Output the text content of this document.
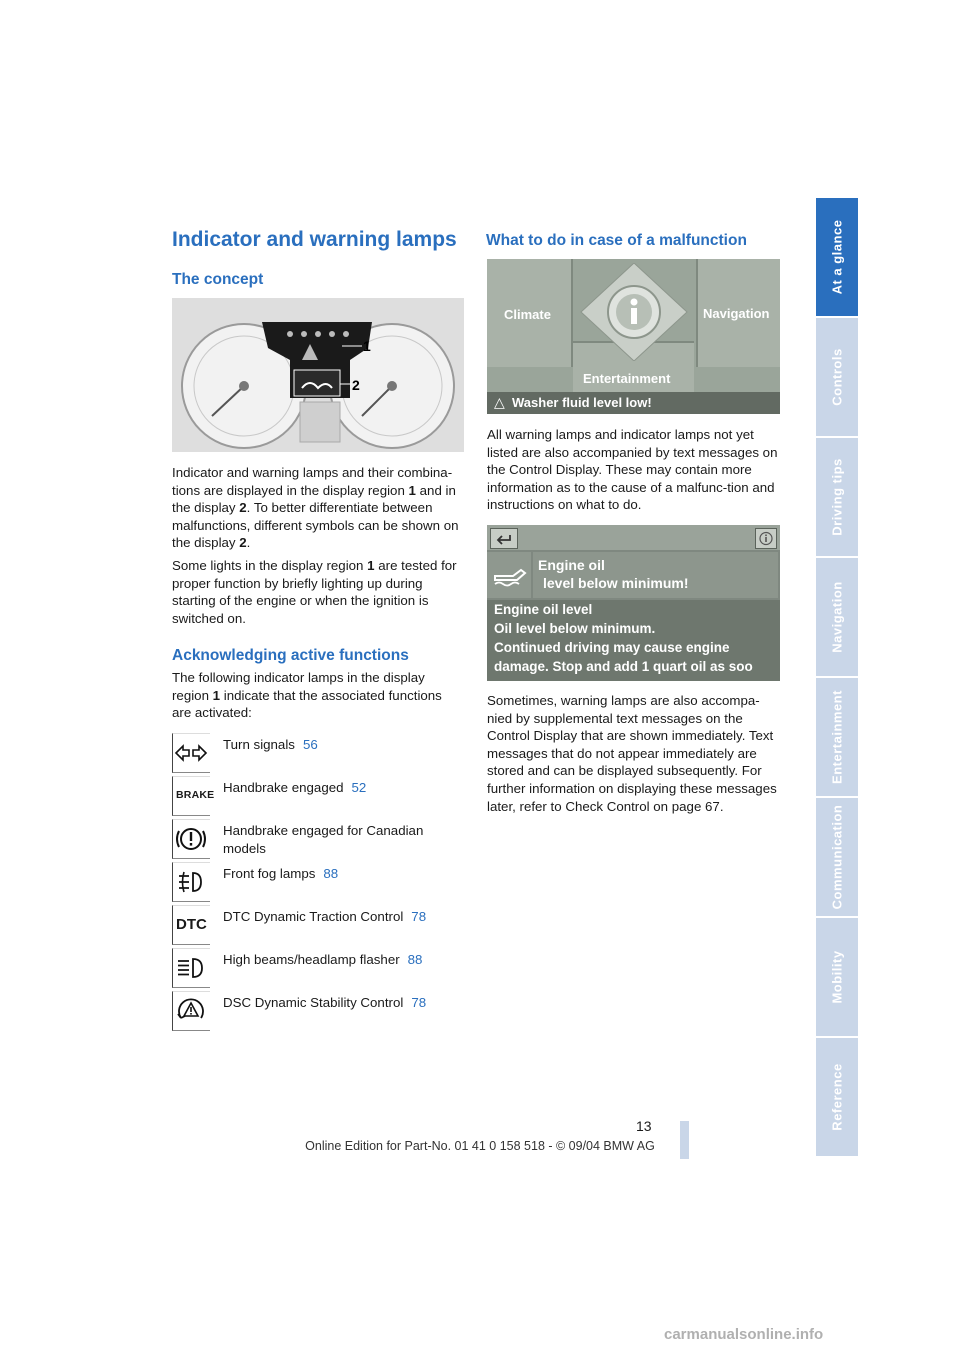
Indicator and warning lamps
The concept
1
2

Indicator and warning lamps and their combina-tions are displayed in the display region 1 and in the display 2. To better differentiate between malfunctions, different symbols can be shown on the display 2.

Some lights in the display region 1 are tested for proper function by briefly lighting up during starting of the engine or when the ignition is switched on.

Acknowledging active functions

The following indicator lamps in the display region 1 indicate that the associated functions are activated:

Turn signals 56
BRAKE Handbrake engaged 52
Handbrake engaged for Canadian models
Front fog lamps 88
DTC DTC Dynamic Traction Control 78
High beams/headlamp flasher 88
DSC Dynamic Stability Control 78
What to do in case of a malfunction
Climate	Navigation
Entertainment
△ Washer fluid level low!

All warning lamps and indicator lamps not yet listed are also accompanied by text messages on the Control Display. These may contain more information as to the cause of a malfunc-tion and instructions on what to do.

Engine oil
level below minimum!
Engine oil level
Oil level below minimum.
Continued driving may cause engine
damage. Stop and add 1 quart oil as soo

Sometimes, warning lamps are also accompa-nied by supplemental text messages on the Control Display that are shown immediately. Text messages that do not appear immediately are stored and can be displayed subsequently. For further information on displaying these messages later, refer to Check Control on page 67.

At a glance
Controls
Driving tips
Navigation
Entertainment
Communication
Mobility
Reference
13
Online Edition for Part-No. 01 41 0 158 518 - © 09/04 BMW AG
carmanualsonline.info
